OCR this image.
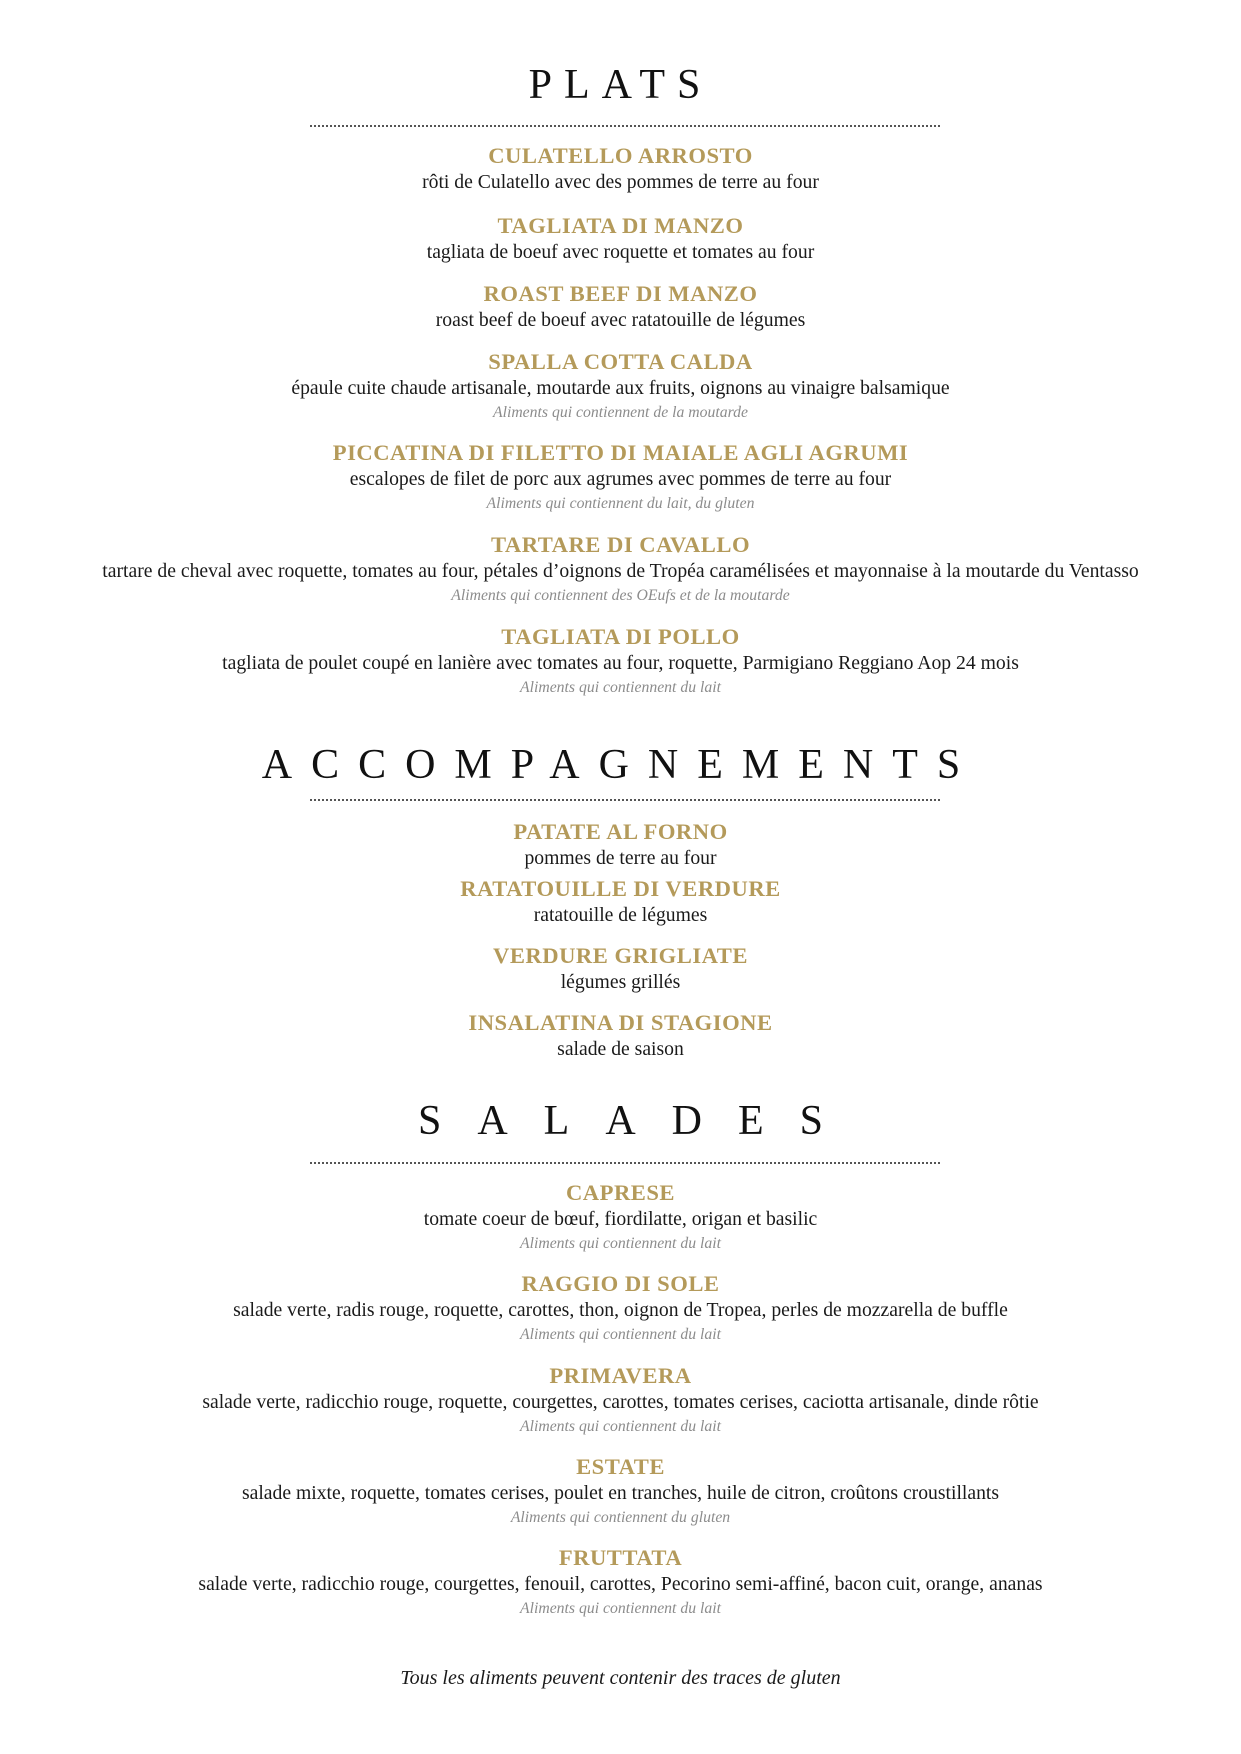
PLATS
CULATELLO ARROSTO
rôti de Culatello avec des pommes de terre au four
TAGLIATA DI MANZO
tagliata de boeuf avec roquette et tomates au four
ROAST BEEF DI MANZO
roast beef de boeuf avec ratatouille de légumes
SPALLA COTTA CALDA
épaule cuite chaude artisanale, moutarde aux fruits, oignons au vinaigre balsamique
Aliments qui contiennent de la moutarde
PICCATINA DI FILETTO DI MAIALE AGLI AGRUMI
escalopes de filet de porc aux agrumes avec pommes de terre au four
Aliments qui contiennent du lait, du gluten
TARTARE DI CAVALLO
tartare de cheval avec roquette, tomates au four, pétales d’oignons de Tropéa caramélisées et mayonnaise à la moutarde du Ventasso
Aliments qui contiennent des OEufs et de la moutarde
TAGLIATA DI POLLO
tagliata de poulet coupé en lanière avec tomates au four, roquette, Parmigiano Reggiano Aop 24 mois
Aliments qui contiennent du lait
ACCOMPAGNEMENTS
PATATE AL FORNO
pommes de terre au four
RATATOUILLE DI VERDURE
ratatouille de légumes
VERDURE GRIGLIATE
légumes grillés
INSALATINA DI STAGIONE
salade de saison
SALADES
CAPRESE
tomate coeur de bœuf, fiordilatte, origan et basilic
Aliments qui contiennent du lait
RAGGIO DI SOLE
salade verte, radis rouge, roquette, carottes, thon, oignon de Tropea, perles de mozzarella de buffle
Aliments qui contiennent du lait
PRIMAVERA
salade verte, radicchio rouge, roquette, courgettes, carottes, tomates cerises, caciotta artisanale, dinde rôtie
Aliments qui contiennent du lait
ESTATE
salade mixte, roquette, tomates cerises, poulet en tranches, huile de citron, croûtons croustillants
Aliments qui contiennent du gluten
FRUTTATA
salade verte, radicchio rouge, courgettes, fenouil, carottes, Pecorino semi-affiné, bacon cuit, orange, ananas
Aliments qui contiennent du lait
Tous les aliments peuvent contenir des traces de gluten
